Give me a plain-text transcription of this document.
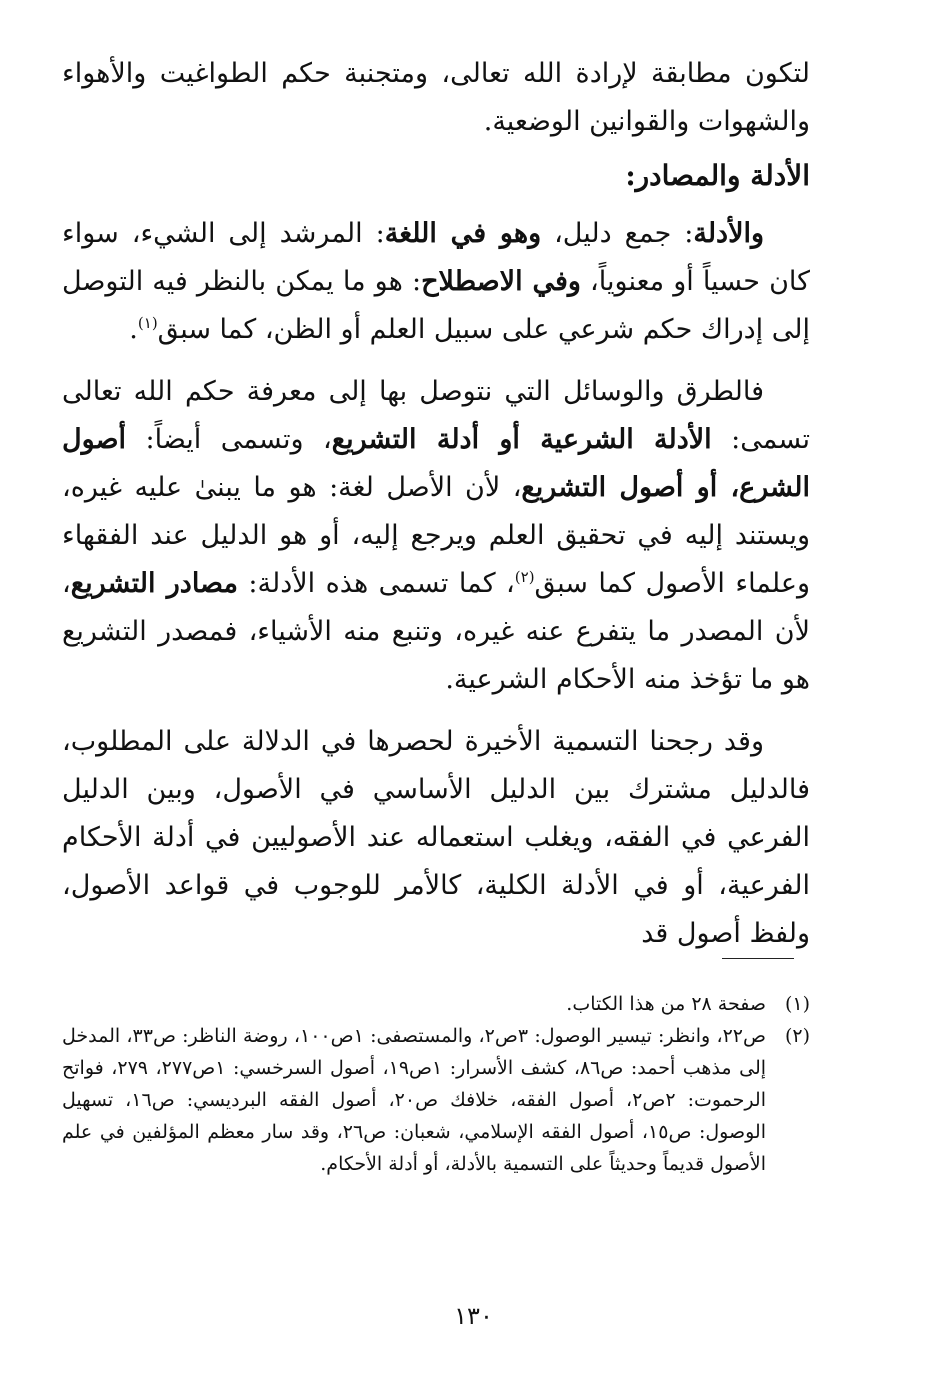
لتكون مطابقة لإرادة الله تعالى، ومتجنبة حكم الطواغيت والأهواء والشهوات والقوانين الوضعية.

الأدلة والمصادر:

والأدلة: جمع دليل، وهو في اللغة: المرشد إلى الشيء، سواء كان حسياً أو معنوياً، وفي الاصطلاح: هو ما يمكن بالنظر فيه التوصل إلى إدراك حكم شرعي على سبيل العلم أو الظن، كما سبق$^{(١)}$.

فالطرق والوسائل التي نتوصل بها إلى معرفة حكم الله تعالى تسمى: الأدلة الشرعية أو أدلة التشريع، وتسمى أيضاً: أصول الشرع، أو أصول التشريع، لأن الأصل لغة: هو ما يبنىٰ عليه غيره، ويستند إليه في تحقيق العلم ويرجع إليه، أو هو الدليل عند الفقهاء وعلماء الأصول كما سبق$^{(٢)}$، كما تسمى هذه الأدلة: مصادر التشريع، لأن المصدر ما يتفرع عنه غيره، وتنبع منه الأشياء، فمصدر التشريع هو ما تؤخذ منه الأحكام الشرعية.

وقد رجحنا التسمية الأخيرة لحصرها في الدلالة على المطلوب، فالدليل مشترك بين الدليل الأساسي في الأصول، وبين الدليل الفرعي في الفقه، ويغلب استعماله عند الأصوليين في أدلة الأحكام الفرعية، أو في الأدلة الكلية، كالأمر للوجوب في قواعد الأصول، ولفظ أصول قد

(١)
صفحة ٢٨ من هذا الكتاب.
(٢)
ص٢٢، وانظر: تيسير الوصول: ٣ص٢، والمستصفى: ١ص١٠٠، روضة الناظر: ص٣٣، المدخل إلى مذهب أحمد: ص٨٦، كشف الأسرار: ١ص١٩، أصول السرخسي: ١ص٢٧٧، ٢٧٩، فواتح الرحموت: ٢ص٢، أصول الفقه، خلافك ص٢٠، أصول الفقه البرديسي: ص١٦، تسهيل الوصول: ص١٥، أصول الفقه الإسلامي، شعبان: ص٢٦، وقد سار معظم المؤلفين في علم الأصول قديماً وحديثاً على التسمية بالأدلة، أو أدلة الأحكام.
١٣٠
